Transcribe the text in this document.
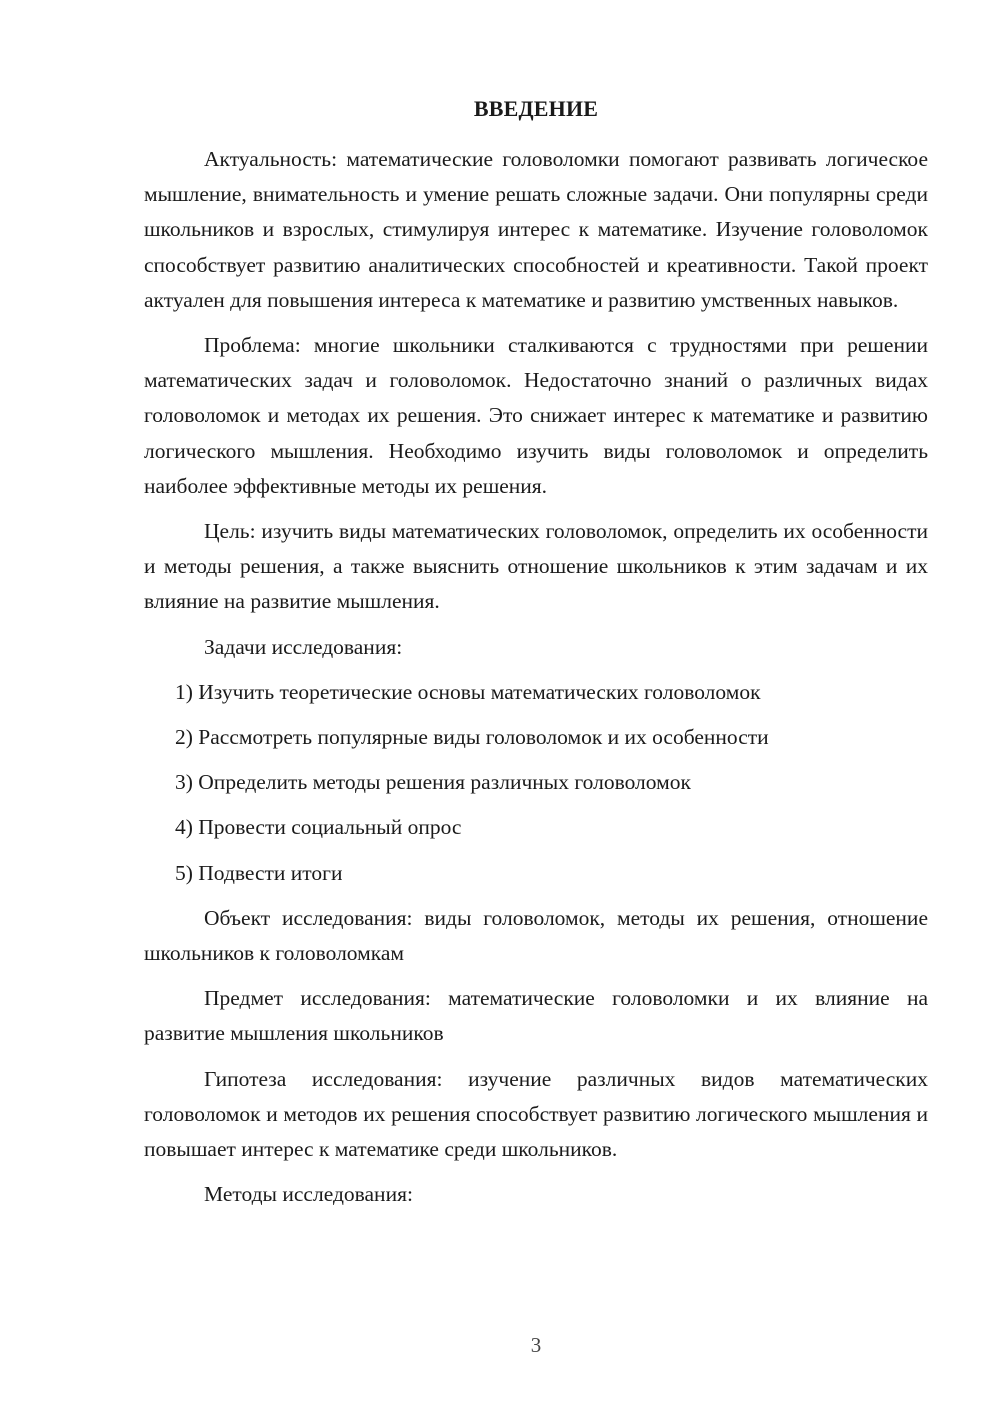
ВВЕДЕНИЕ

Актуальность: математические головоломки помогают развивать логическое мышление, внимательность и умение решать сложные задачи. Они популярны среди школьников и взрослых, стимулируя интерес к математике. Изучение головоломок способствует развитию аналитических способностей и креативности. Такой проект актуален для повышения интереса к математике и развитию умственных навыков.

Проблема: многие школьники сталкиваются с трудностями при решении математических задач и головоломок. Недостаточно знаний о различных видах головоломок и методах их решения. Это снижает интерес к математике и развитию логического мышления. Необходимо изучить виды головоломок и определить наиболее эффективные методы их решения.

Цель: изучить виды математических головоломок, определить их особенности и методы решения, а также выяснить отношение школьников к этим задачам и их влияние на развитие мышления.

Задачи исследования:

1) Изучить теоретические основы математических головоломок
2) Рассмотреть популярные виды головоломок и их особенности
3) Определить методы решения различных головоломок
4) Провести социальный опрос
5) Подвести итоги

Объект исследования: виды головоломок, методы их решения, отношение школьников к головоломкам

Предмет исследования: математические головоломки и их влияние на развитие мышления школьников

Гипотеза исследования: изучение различных видов математических головоломок и методов их решения способствует развитию логического мышления и повышает интерес к математике среди школьников.

Методы исследования:

3
